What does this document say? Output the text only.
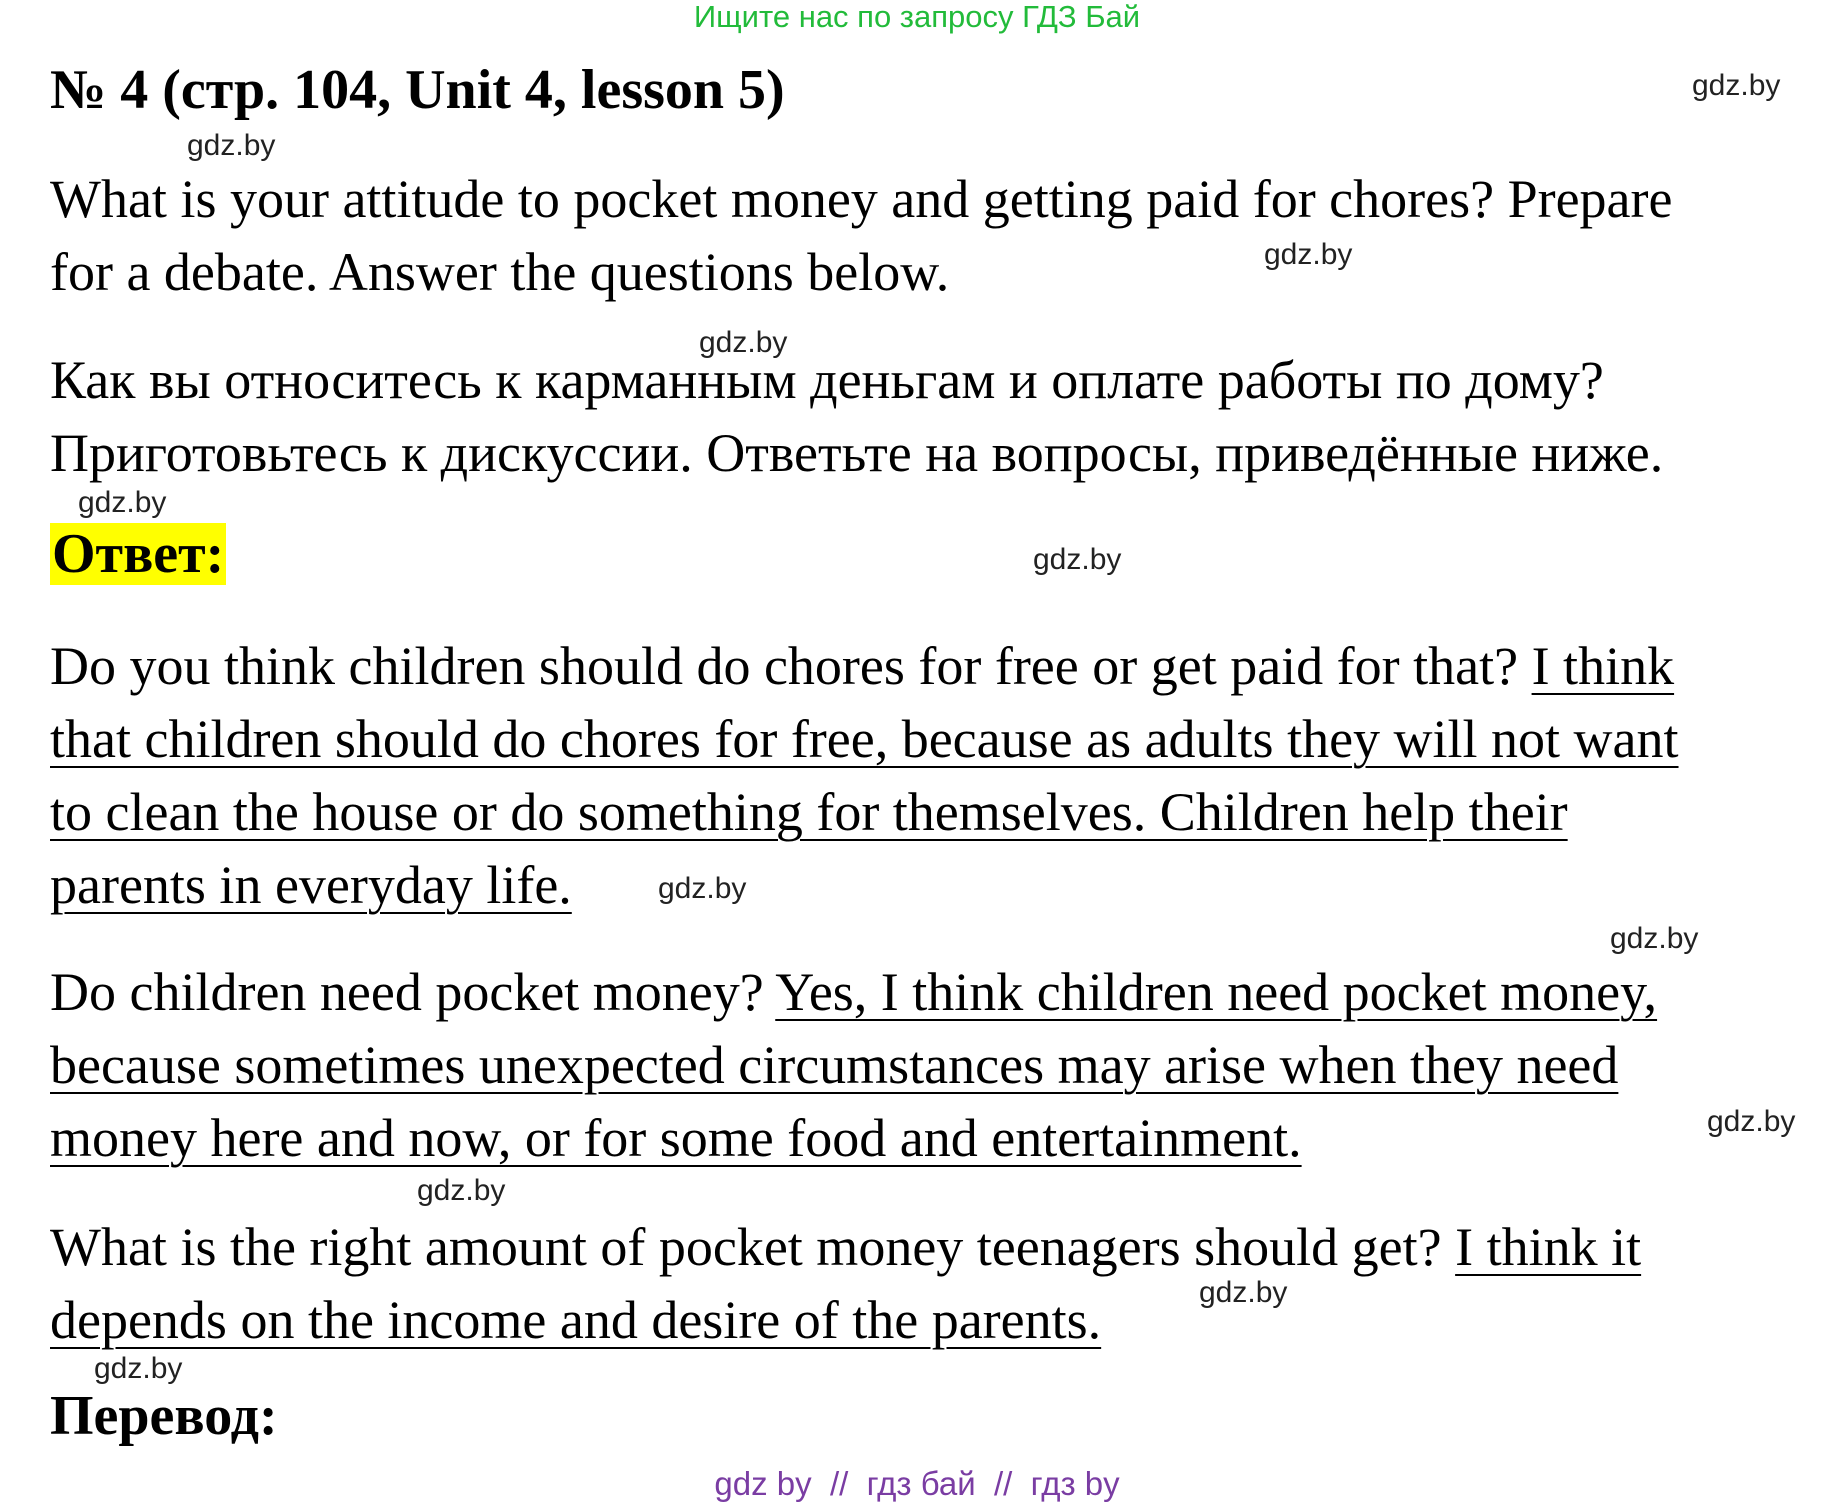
Ищите нас по запросу ГДЗ Бай
№ 4 (стр. 104, Unit 4, lesson 5)
What is your attitude to pocket money and getting paid for chores? Prepare
for a debate. Answer the questions below.
Как вы относитесь к карманным деньгам и оплате работы по дому?
Приготовьтесь к дискуссии. Ответьте на вопросы, приведённые ниже.
Ответ:
Do you think children should do chores for free or get paid for that? I think
that children should do chores for free, because as adults they will not want
to clean the house or do something for themselves. Children help their
parents in everyday life.
Do children need pocket money? Yes, I think children need pocket money,
because sometimes unexpected circumstances may arise when they need
money here and now, or for some food and entertainment.
What is the right amount of pocket money teenagers should get? I think it
depends on the income and desire of the parents.
Перевод:
gdz.by
gdz.by
gdz.by
gdz.by
gdz.by
gdz.by
gdz.by
gdz.by
gdz.by
gdz.by
gdz.by
gdz.by
gdz by  //  гдз бай  //  гдз by
